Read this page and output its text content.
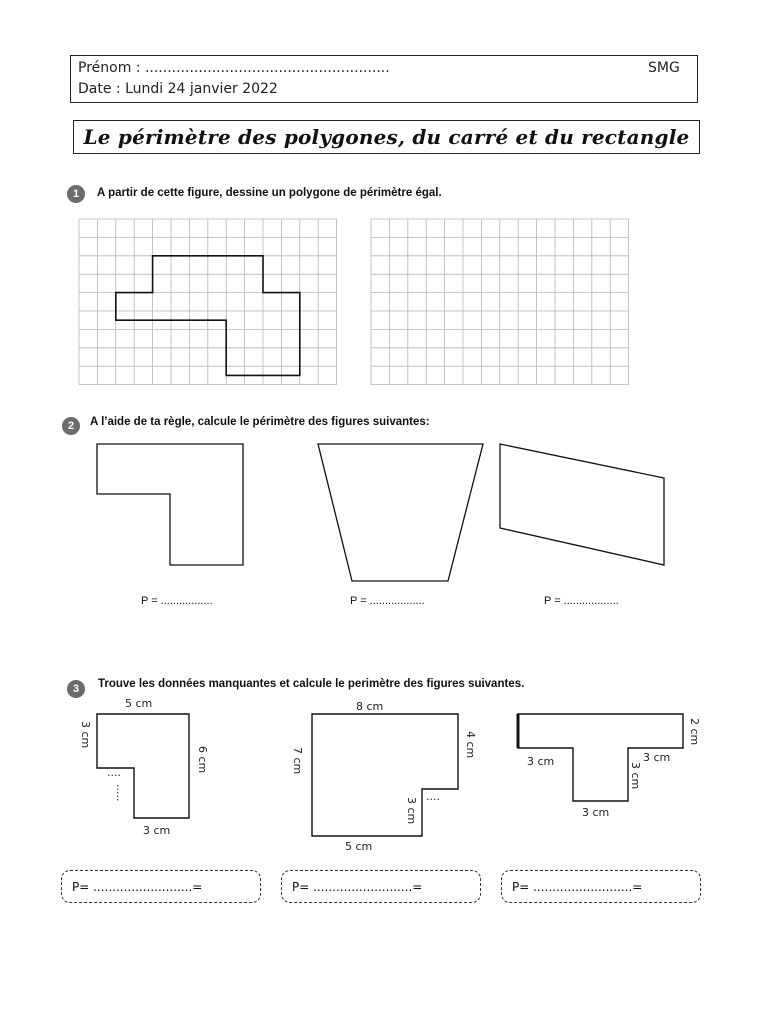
Prénom : .......................................................	SMG
Date : Lundi 24 janvier 2022
Le périmètre des polygones, du carré et du rectangle
1	A partir de cette figure, dessine un polygone de périmètre égal.
2	A l’aide de ta règle, calcule le périmètre des figures suivantes:
P = .................	P = ..................	P = ..................
3	Trouve les données manquantes et calcule le perimètre des figures suivantes.
5 cm
3 cm
6 cm
3 cm
....
.....
8 cm
7 cm
4 cm
3 cm
....
5 cm
2 cm
3 cm	3 cm
3 cm
3 cm
P= ..........................=	P= ..........................=	P= ..........................=
